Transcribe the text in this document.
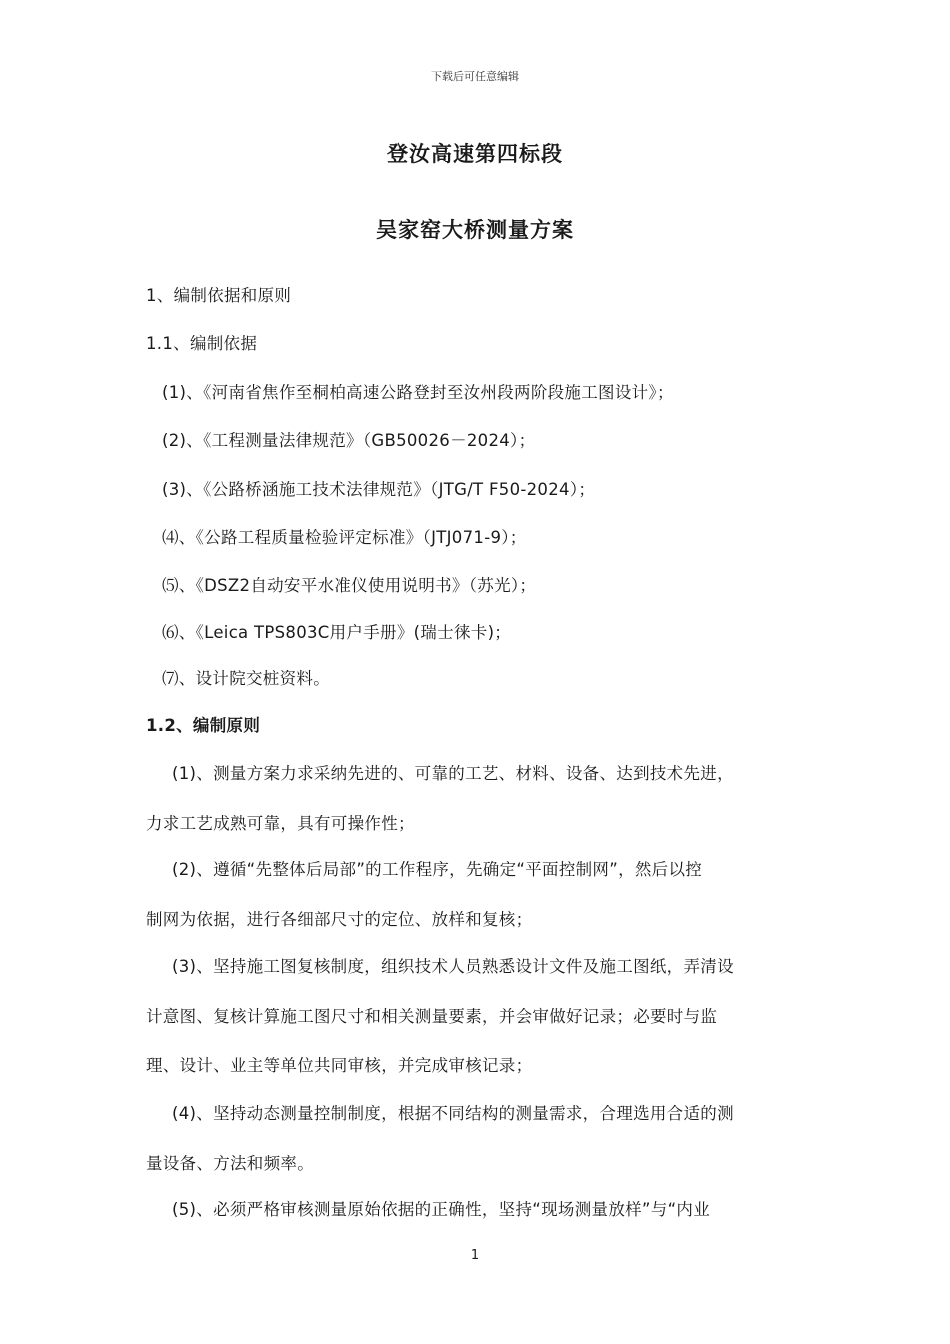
下载后可任意编辑
登汝高速第四标段
吴家窑大桥测量方案
1、编制依据和原则
1.1、编制依据
(1)、《河南省焦作至桐柏高速公路登封至汝州段两阶段施工图设计》；
(2)、《工程测量法律规范》（GB50026－2024）；
(3)、《公路桥涵施工技术法律规范》（JTG/T F50-2024）；
⑷、《公路工程质量检验评定标准》（JTJ071-9）；
⑸、《DSZ2自动安平水准仪使用说明书》（苏光）；
⑹、《Leica TPS803C用户手册》(瑞士徕卡)；
⑺、设计院交桩资料。
1.2、编制原则
(1)、测量方案力求采纳先进的、可靠的工艺、材料、设备、达到技术先进，
力求工艺成熟可靠，具有可操作性；
(2)、遵循“先整体后局部”的工作程序，先确定“平面控制网”，然后以控
制网为依据，进行各细部尺寸的定位、放样和复核；
(3)、坚持施工图复核制度，组织技术人员熟悉设计文件及施工图纸，弄清设
计意图、复核计算施工图尺寸和相关测量要素，并会审做好记录；必要时与监
理、设计、业主等单位共同审核，并完成审核记录；
(4)、坚持动态测量控制制度，根据不同结构的测量需求，合理选用合适的测
量设备、方法和频率。
(5)、必须严格审核测量原始依据的正确性，坚持“现场测量放样”与“内业
1
